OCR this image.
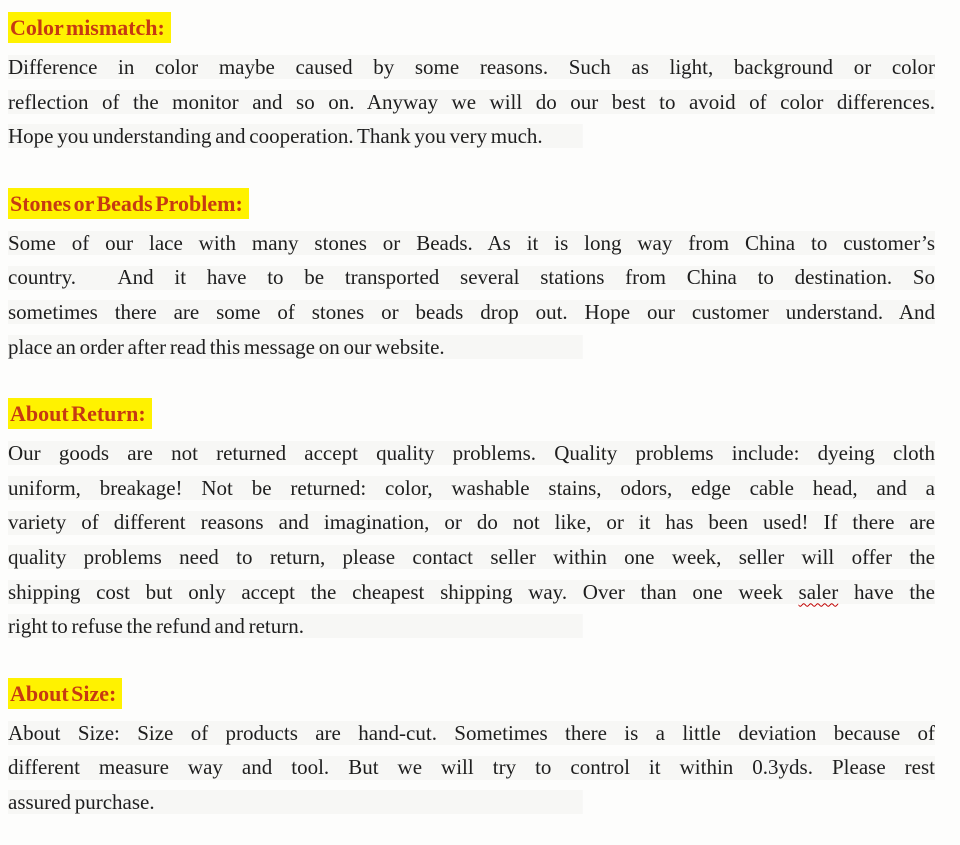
Color mismatch:
Difference in color maybe caused by some reasons. Such as light, background or color
reflection of the monitor and so on. Anyway we will do our best to avoid of color differences.
Hope you understanding and cooperation. Thank you very much.
Stones or Beads Problem:
Some of our lace with many stones or Beads. As it is long way from China to customer’s
country.  And it have to be transported several stations from China to destination. So
sometimes there are some of stones or beads drop out. Hope our customer understand. And
place an order after read this message on our website.
About Return:
Our goods are not returned accept quality problems. Quality problems include: dyeing cloth
uniform, breakage! Not be returned: color, washable stains, odors, edge cable head, and a
variety of different reasons and imagination, or do not like, or it has been used! If there are
quality problems need to return, please contact seller within one week, seller will offer the
shipping cost but only accept the cheapest shipping way. Over than one week saler have the
right to refuse the refund and return.
About Size:
About Size: Size of products are hand-cut. Sometimes there is a little deviation because of
different measure way and tool. But we will try to control it within 0.3yds. Please rest
assured purchase.
